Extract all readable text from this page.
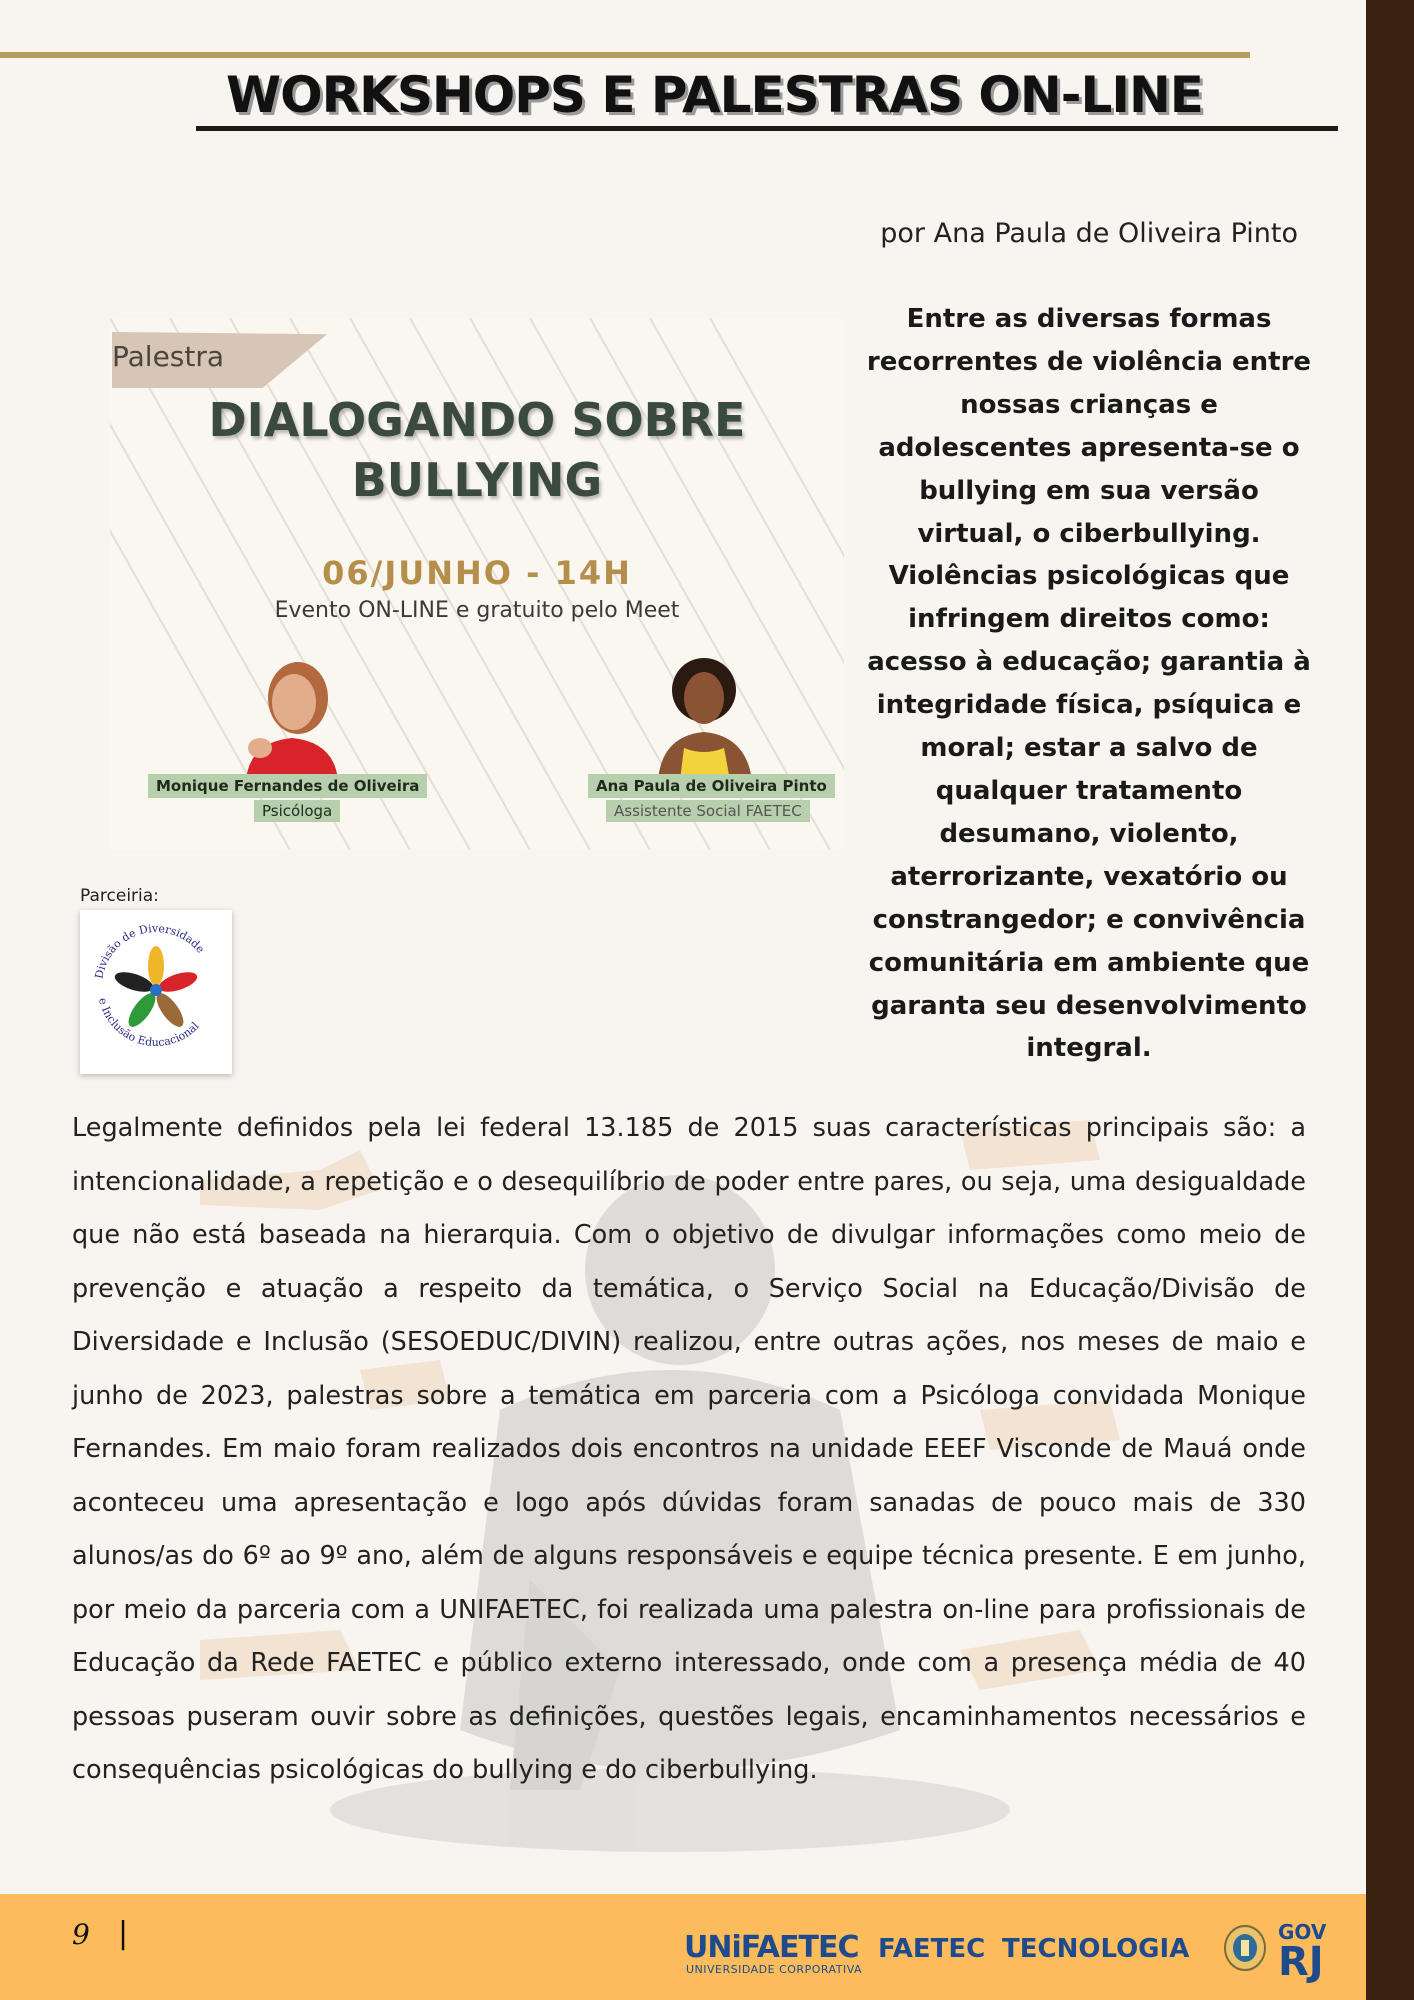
WORKSHOPS E PALESTRAS ON-LINE
por Ana Paula de Oliveira Pinto
Palestra
DIALOGANDO SOBRE
BULLYING
06/JUNHO - 14H
Evento ON-LINE e gratuito pelo Meet
Monique Fernandes de Oliveira
Psicóloga
Ana Paula de Oliveira Pinto
Assistente Social FAETEC
Parceiria:
Divisão de Diversidade
e Inclusão Educacional

Entre as diversas formas recorrentes de violência entre nossas crianças e adolescentes apresenta-se o bullying em sua versão virtual, o ciberbullying. Violências psicológicas que infringem direitos como: acesso à educação; garantia à integridade física, psíquica e moral; estar a salvo de qualquer tratamento desumano, violento, aterrorizante, vexatório ou constrangedor; e convivência comunitária em ambiente que garanta seu desenvolvimento integral.

Legalmente definidos pela lei federal 13.185 de 2015 suas características principais são: a intencionalidade, a repetição e o desequilíbrio de poder entre pares, ou seja, uma desigualdade que não está baseada na hierarquia. Com o objetivo de divulgar informações como meio de prevenção e atuação a respeito da temática, o Serviço Social na Educação/Divisão de Diversidade e Inclusão (SESOEDUC/DIVIN) realizou, entre outras ações, nos meses de maio e junho de 2023, palestras sobre a temática em parceria com a Psicóloga convidada Monique Fernandes. Em maio foram realizados dois encontros na unidade EEEF Visconde de Mauá onde aconteceu uma apresentação e logo após dúvidas foram sanadas de pouco mais de 330 alunos/as do 6º ao 9º ano, além de alguns responsáveis e equipe técnica presente. E em junho, por meio da parceria com a UNIFAETEC, foi realizada uma palestra on-line para profissionais de Educação da Rede FAETEC e público externo interessado, onde com a presença média de 40 pessoas puseram ouvir sobre as definições, questões legais, encaminhamentos necessários e consequências psicológicas do bullying e do ciberbullying.

9 |	UNiFAETEC
UNIVERSIDADE CORPORATIVA
FAETEC TECNOLOGIA
GOV
RJ
